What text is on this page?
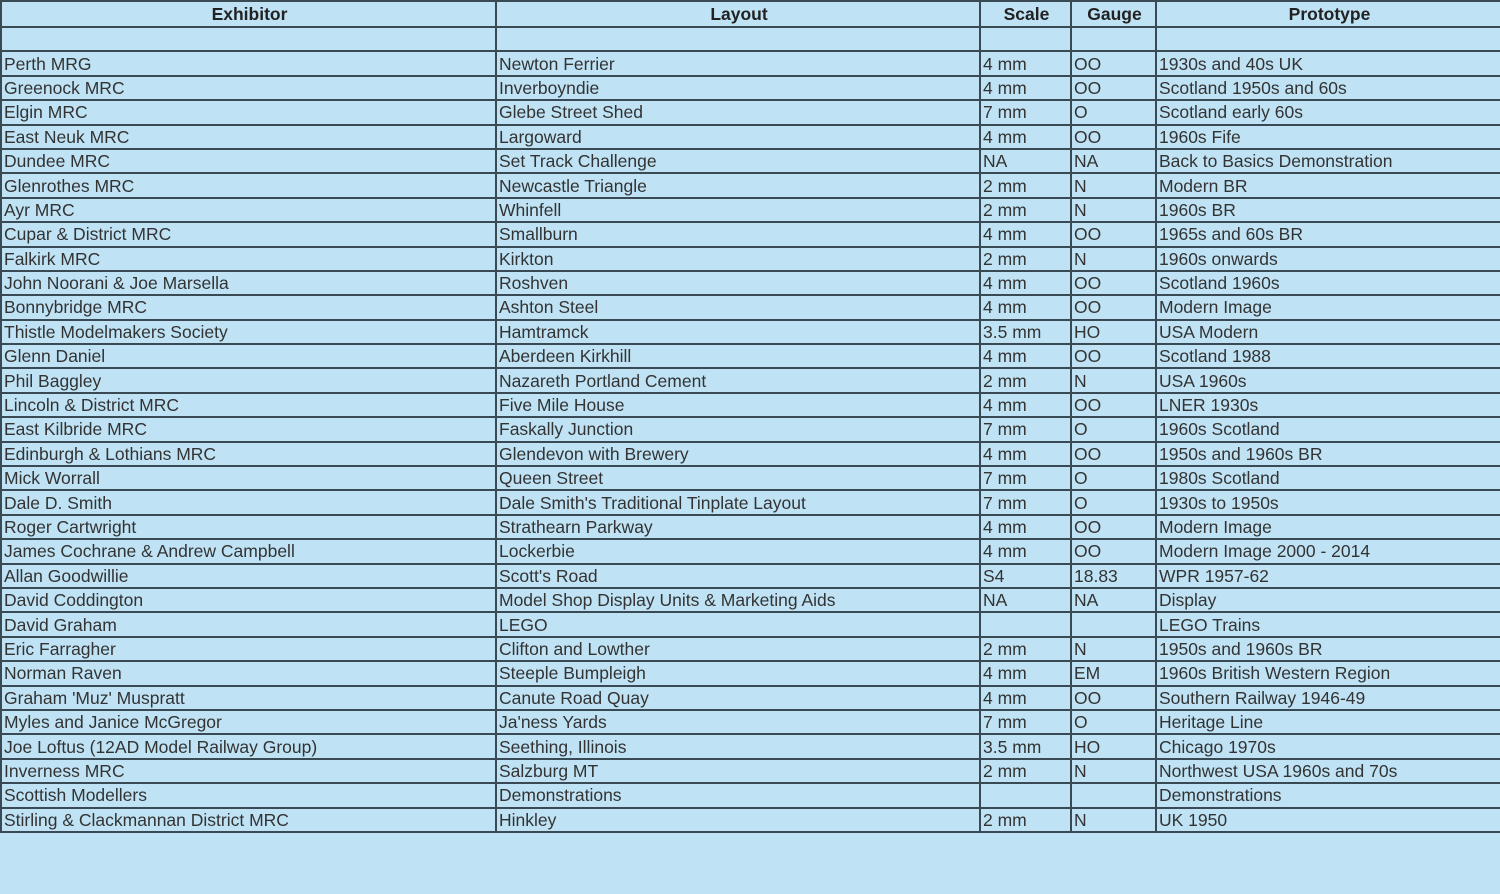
Exhibitor	Layout	Scale	Gauge	Prototype

Perth MRG	Newton Ferrier	4 mm	OO	1930s and 40s UK
Greenock MRC	Inverboyndie	4 mm	OO	Scotland 1950s and 60s
Elgin MRC	Glebe Street Shed	7 mm	O	Scotland early 60s
East Neuk MRC	Largoward	4 mm	OO	1960s Fife
Dundee MRC	Set Track Challenge	NA	NA	Back to Basics Demonstration
Glenrothes MRC	Newcastle Triangle	2 mm	N	Modern BR
Ayr MRC	Whinfell	2 mm	N	1960s BR
Cupar & District MRC	Smallburn	4 mm	OO	1965s and 60s BR
Falkirk MRC	Kirkton	2 mm	N	1960s onwards
John Noorani & Joe Marsella	Roshven	4 mm	OO	Scotland 1960s
Bonnybridge MRC	Ashton Steel	4 mm	OO	Modern Image
Thistle Modelmakers Society	Hamtramck	3.5 mm	HO	USA Modern
Glenn Daniel	Aberdeen Kirkhill	4 mm	OO	Scotland 1988
Phil Baggley	Nazareth Portland Cement	2 mm	N	USA 1960s
Lincoln & District MRC	Five Mile House	4 mm	OO	LNER 1930s
East Kilbride MRC	Faskally Junction	7 mm	O	1960s Scotland
Edinburgh & Lothians MRC	Glendevon with Brewery	4 mm	OO	1950s and 1960s BR
Mick Worrall	Queen Street	7 mm	O	1980s Scotland
Dale D. Smith	Dale Smith's Traditional Tinplate Layout	7 mm	O	1930s to 1950s
Roger Cartwright	Strathearn Parkway	4 mm	OO	Modern Image
James Cochrane & Andrew Campbell	Lockerbie	4 mm	OO	Modern Image 2000 - 2014
Allan Goodwillie	Scott's Road	S4	18.83	WPR 1957-62
David Coddington	Model Shop Display Units & Marketing Aids	NA	NA	Display
David Graham	LEGO			LEGO Trains
Eric Farragher	Clifton and Lowther	2 mm	N	1950s and 1960s BR
Norman Raven	Steeple Bumpleigh	4 mm	EM	1960s British Western Region
Graham 'Muz' Muspratt	Canute Road Quay	4 mm	OO	Southern Railway 1946-49
Myles and Janice McGregor	Ja'ness Yards	7 mm	O	Heritage Line
Joe Loftus (12AD Model Railway Group)	Seething, Illinois	3.5 mm	HO	Chicago 1970s
Inverness MRC	Salzburg MT	2 mm	N	Northwest USA 1960s and 70s
Scottish Modellers	Demonstrations			Demonstrations
Stirling & Clackmannan District MRC	Hinkley	2 mm	N	UK 1950
